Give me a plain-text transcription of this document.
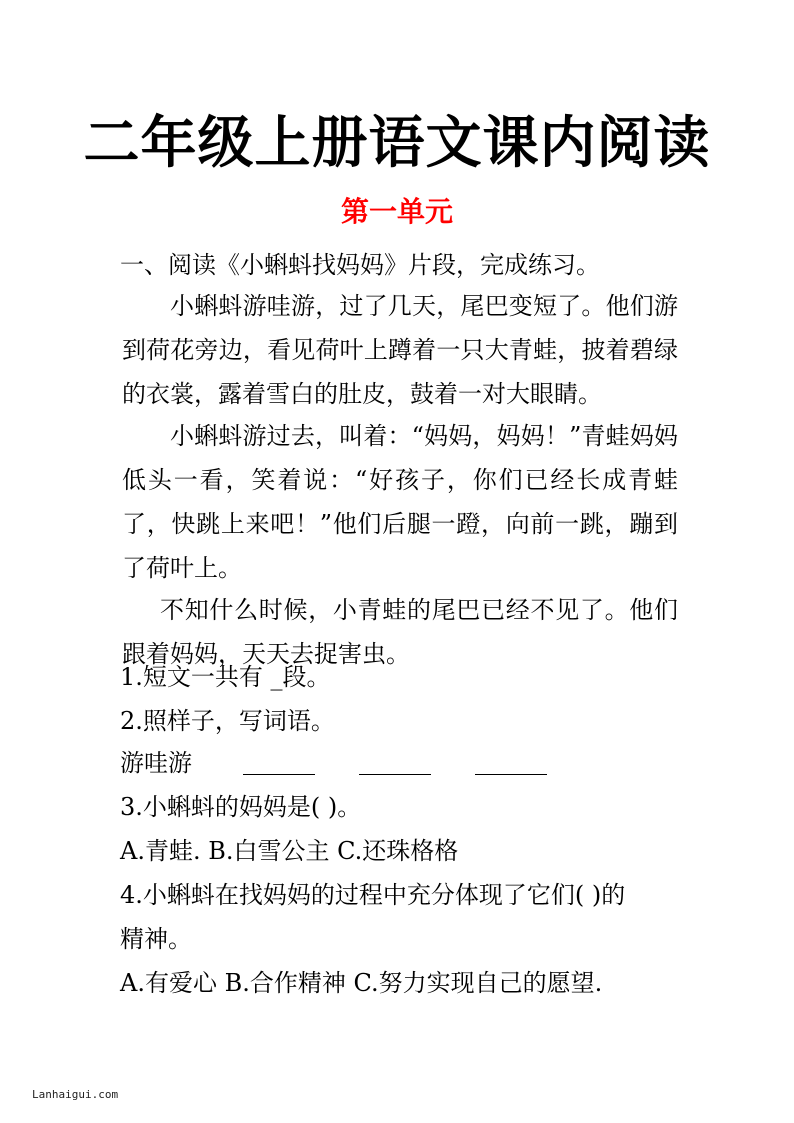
二年级上册语文课内阅读
第一单元
一、阅读《小蝌蚪找妈妈》片段，完成练习。
小蝌蚪游哇游，过了几天，尾巴变短了。他们游到荷花旁边，看见荷叶上蹲着一只大青蛙，披着碧绿的衣裳，露着雪白的肚皮，鼓着一对大眼睛。
小蝌蚪游过去，叫着：“妈妈，妈妈！”青蛙妈妈低头一看，笑着说：“好孩子，你们已经长成青蛙了，快跳上来吧！”他们后腿一蹬，向前一跳，蹦到了荷叶上。
不知什么时候，小青蛙的尾巴已经不见了。他们跟着妈妈，天天去捉害虫。
1.短文一共有 _段。
2.照样子，写词语。
游哇游
3.小蝌蚪的妈妈是( )。
A.青蛙. B.白雪公主 C.还珠格格
4.小蝌蚪在找妈妈的过程中充分体现了它们( )的
精神。
A.有爱心 B.合作精神 C.努力实现自己的愿望.
Lanhaigui.com
